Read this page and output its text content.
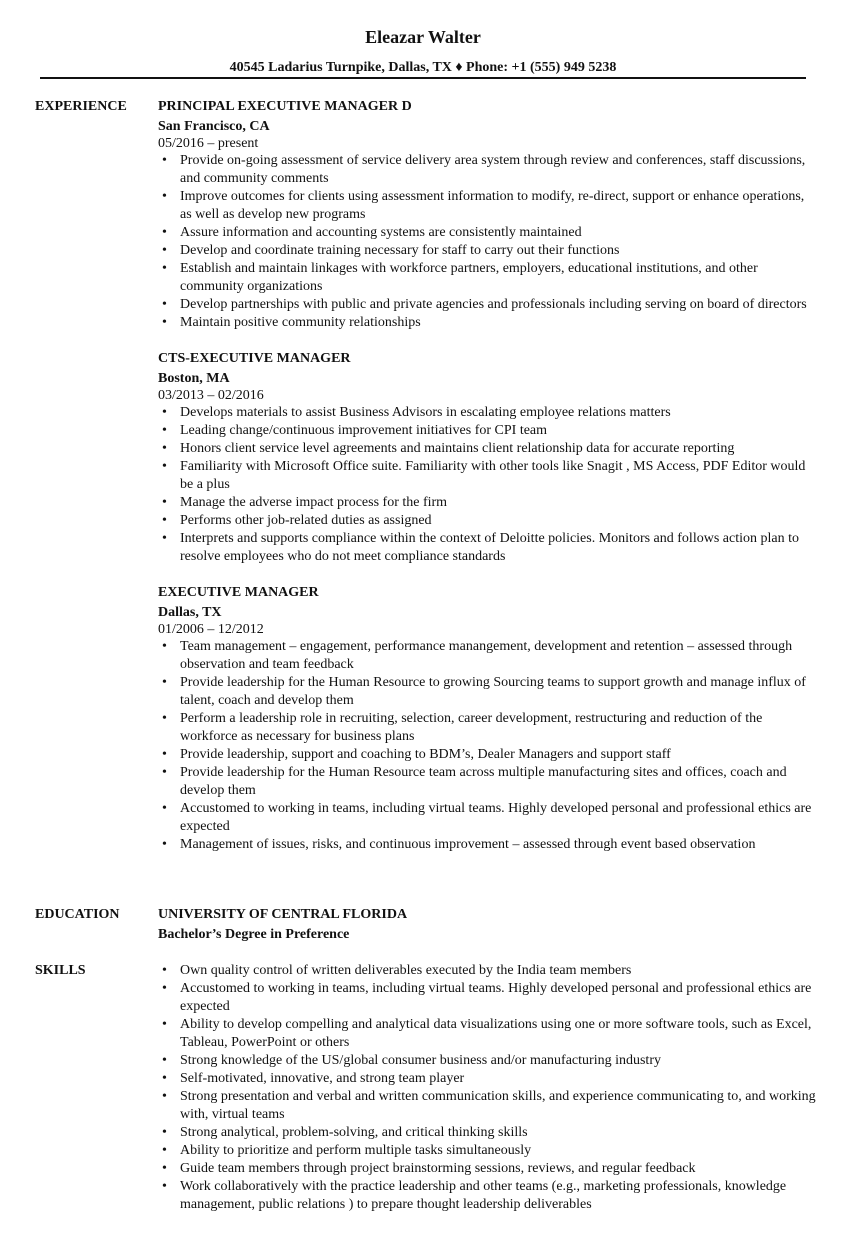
Eleazar Walter
40545 Ladarius Turnpike, Dallas, TX ♦ Phone: +1 (555) 949 5238
EXPERIENCE PRINCIPAL EXECUTIVE MANAGER D
San Francisco, CA
05/2016 – present
• Provide on-going assessment of service delivery area system through review and conferences, staff discussions, and community comments
• Improve outcomes for clients using assessment information to modify, re-direct, support or enhance operations, as well as develop new programs
• Assure information and accounting systems are consistently maintained
• Develop and coordinate training necessary for staff to carry out their functions
• Establish and maintain linkages with workforce partners, employers, educational institutions, and other community organizations
• Develop partnerships with public and private agencies and professionals including serving on board of directors
• Maintain positive community relationships
CTS-EXECUTIVE MANAGER
Boston, MA
03/2013 – 02/2016
• Develops materials to assist Business Advisors in escalating employee relations matters
• Leading change/continuous improvement initiatives for CPI team
• Honors client service level agreements and maintains client relationship data for accurate reporting
• Familiarity with Microsoft Office suite. Familiarity with other tools like Snagit , MS Access, PDF Editor would be a plus
• Manage the adverse impact process for the firm
• Performs other job-related duties as assigned
• Interprets and supports compliance within the context of Deloitte policies. Monitors and follows action plan to resolve employees who do not meet compliance standards
EXECUTIVE MANAGER
Dallas, TX
01/2006 – 12/2012
• Team management – engagement, performance manangement, development and retention – assessed through observation and team feedback
• Provide leadership for the Human Resource to growing Sourcing teams to support growth and manage influx of talent, coach and develop them
• Perform a leadership role in recruiting, selection, career development, restructuring and reduction of the workforce as necessary for business plans
• Provide leadership, support and coaching to BDM’s, Dealer Managers and support staff
• Provide leadership for the Human Resource team across multiple manufacturing sites and offices, coach and develop them
• Accustomed to working in teams, including virtual teams. Highly developed personal and professional ethics are expected
• Management of issues, risks, and continuous improvement – assessed through event based observation
EDUCATION	UNIVERSITY OF CENTRAL FLORIDA
Bachelor’s Degree in Preference
SKILLS
•	Own quality control of written deliverables executed by the India team members
• Accustomed to working in teams, including virtual teams. Highly developed personal and professional ethics are expected
• Ability to develop compelling and analytical data visualizations using one or more software tools, such as Excel, Tableau, PowerPoint or others
• Strong knowledge of the US/global consumer business and/or manufacturing industry
• Self-motivated, innovative, and strong team player
• Strong presentation and verbal and written communication skills, and experience communicating to, and working with, virtual teams
• Strong analytical, problem-solving, and critical thinking skills
• Ability to prioritize and perform multiple tasks simultaneously
• Guide team members through project brainstorming sessions, reviews, and regular feedback
• Work collaboratively with the practice leadership and other teams (e.g., marketing professionals, knowledge management, public relations ) to prepare thought leadership deliverables
